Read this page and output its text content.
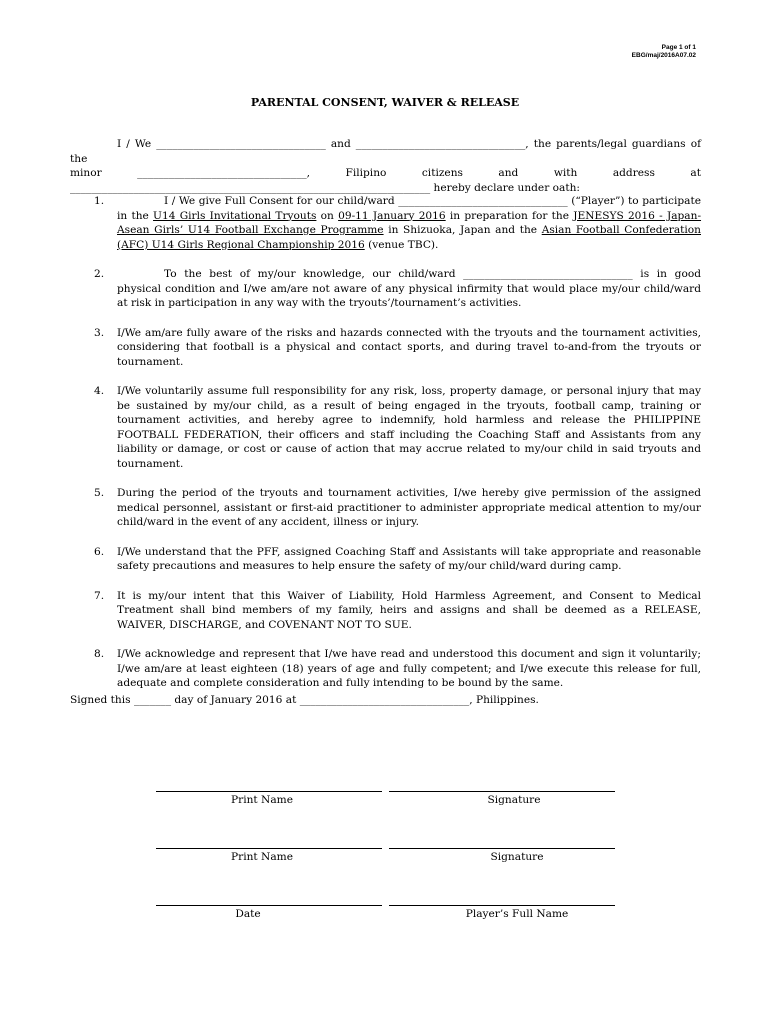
Page 1 of 1
EBG/maj/2016A07.02
PARENTAL CONSENT, WAIVER & RELEASE
I / We ________________________________ and ________________________________, the parents/legal guardians of the
minor	________________________________,	Filipino	citizens	and	with	address	at
____________________________________________________________________ hereby declare under oath:
1.	I / We give Full Consent for our child/ward ________________________________ (“Player”) to participate in the U14 Girls Invitational Tryouts on 09-11 January 2016 in preparation for the JENESYS 2016 - Japan-Asean Girls’ U14 Football Exchange Programme in Shizuoka, Japan and the Asian Football Confederation (AFC) U14 Girls Regional Championship 2016 (venue TBC).
2.	To the best of my/our knowledge, our child/ward ________________________________ is in good physical condition and I/we am/are not aware of any physical infirmity that would place my/our child/ward at risk in participation in any way with the tryouts’/tournament’s activities.
3. I/We am/are fully aware of the risks and hazards connected with the tryouts and the tournament activities, considering that football is a physical and contact sports, and during travel to-and-from the tryouts or tournament.
4. I/We voluntarily assume full responsibility for any risk, loss, property damage, or personal injury that may be sustained by my/our child, as a result of being engaged in the tryouts, football camp, training or tournament activities, and hereby agree to indemnify, hold harmless and release the PHILIPPINE FOOTBALL FEDERATION, their officers and staff including the Coaching Staff and Assistants from any liability or damage, or cost or cause of action that may accrue related to my/our child in said tryouts and tournament.
5. During the period of the tryouts and tournament activities, I/we hereby give permission of the assigned medical personnel, assistant or first-aid practitioner to administer appropriate medical attention to my/our child/ward in the event of any accident, illness or injury.
6. I/We understand that the PFF, assigned Coaching Staff and Assistants will take appropriate and reasonable safety precautions and measures to help ensure the safety of my/our child/ward during camp.
7. It is my/our intent that this Waiver of Liability, Hold Harmless Agreement, and Consent to Medical Treatment shall bind members of my family, heirs and assigns and shall be deemed as a RELEASE, WAIVER, DISCHARGE, and COVENANT NOT TO SUE.
8. I/We acknowledge and represent that I/we have read and understood this document and sign it voluntarily; I/we am/are at least eighteen (18) years of age and fully competent; and I/we execute this release for full, adequate and complete consideration and fully intending to be bound by the same.
Signed this _______ day of January 2016 at ________________________________, Philippines.
Print Name	Signature
Print Name	Signature
Date	Player’s Full Name
